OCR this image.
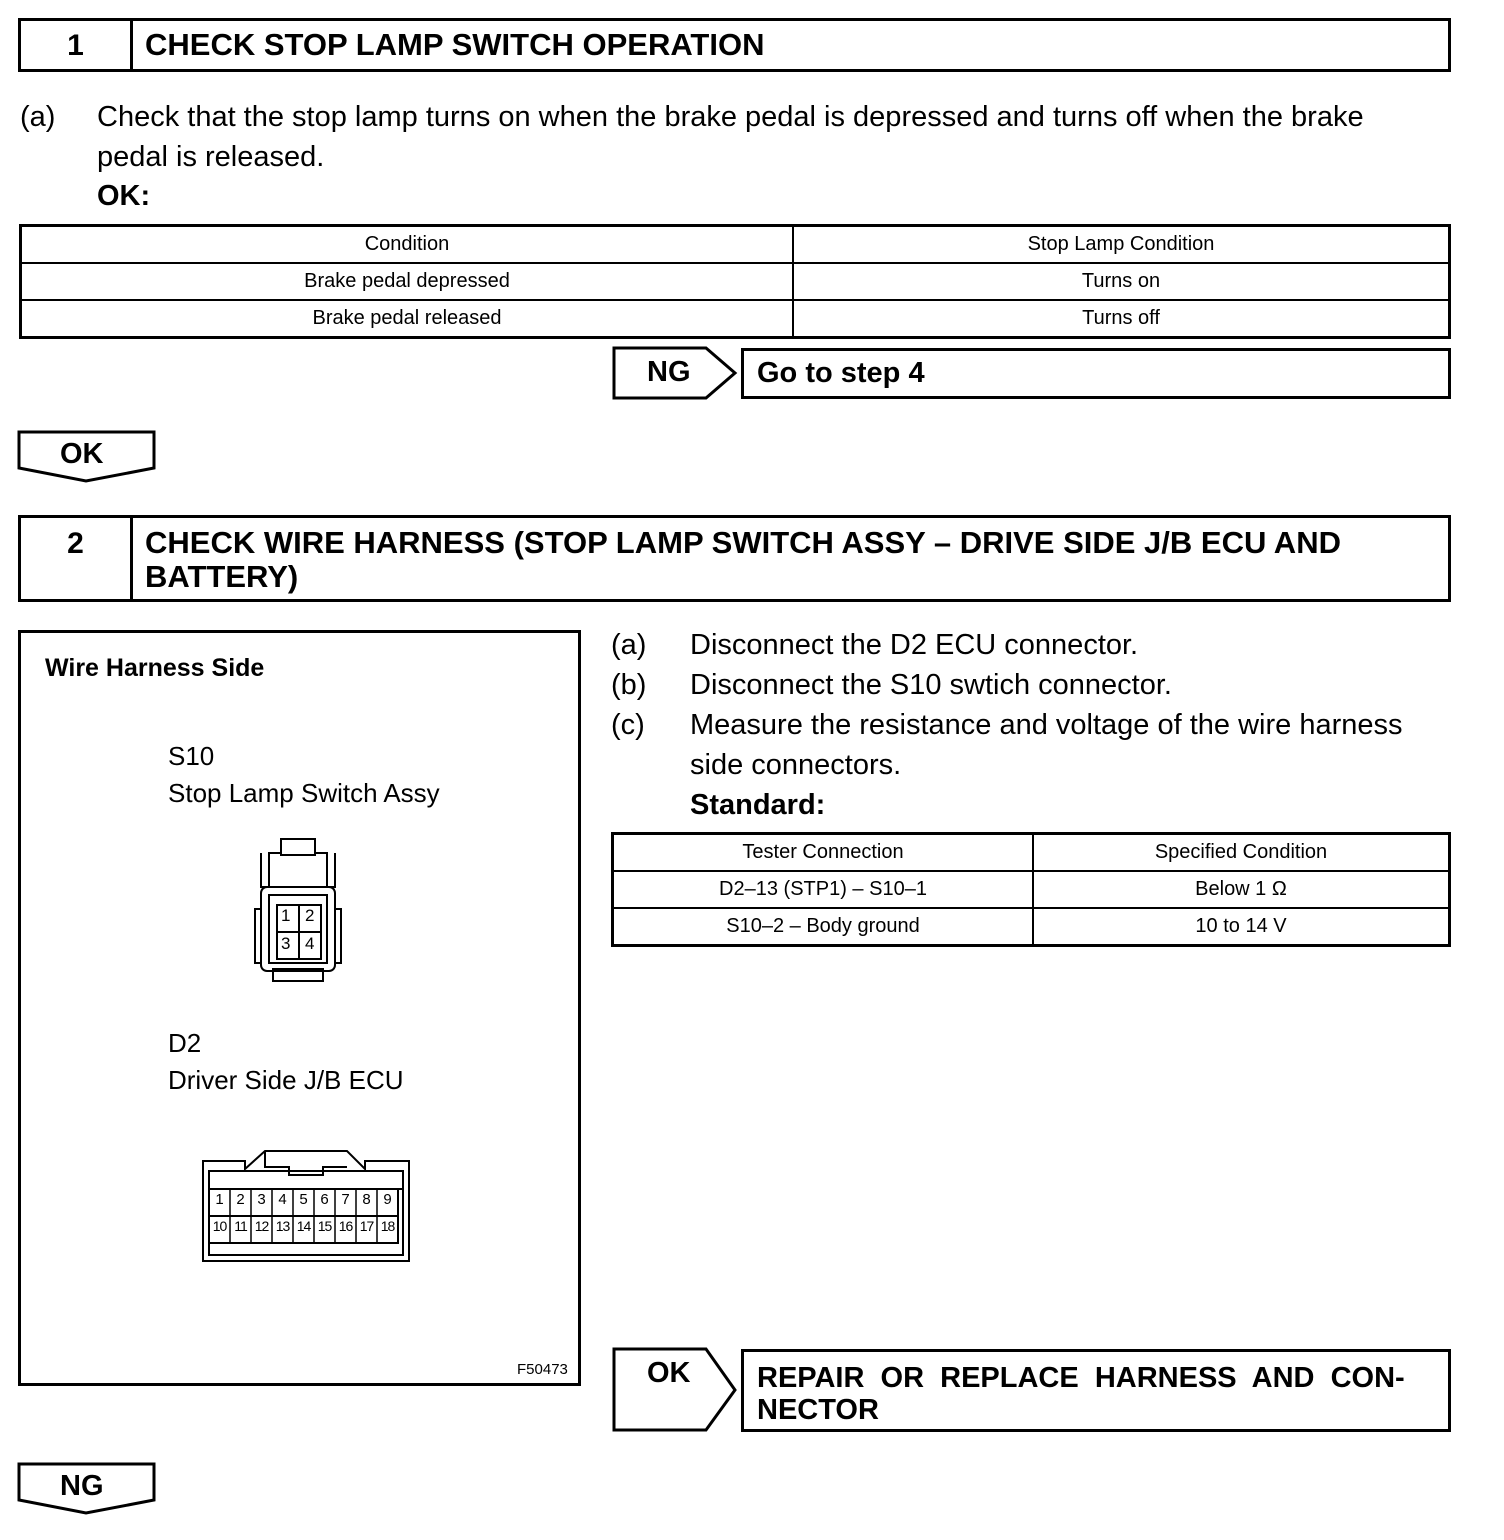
1	CHECK STOP LAMP SWITCH OPERATION
(a) Check that the stop lamp turns on when the brake pedal is depressed and turns off when the brake
pedal is released.
OK:
Condition	Stop Lamp Condition
Brake pedal depressed	Turns on
Brake pedal released	Turns off
NG	Go to step 4
OK
2	CHECK WIRE HARNESS (STOP LAMP SWITCH ASSY – DRIVE SIDE J/B ECU AND
BATTERY)
Wire Harness Side
S10
Stop Lamp Switch Assy
1 2
3 4
D2
Driver Side J/B ECU
F50473
1 2 3 4 5 6 7 8 9
10 11 12 13 14 15 16 17 18
(a) Disconnect the D2 ECU connector.
(b) Disconnect the S10 swtich connector.
(c) Measure the resistance and voltage of the wire harness
side connectors.
Standard:
Tester Connection	Specified Condition
D2–13 (STP1) – S10–1	Below 1 Ω
S10–2 – Body ground	10 to 14 V
OK REPAIR  OR  REPLACE  HARNESS  AND  CON-
NECTOR
NG
